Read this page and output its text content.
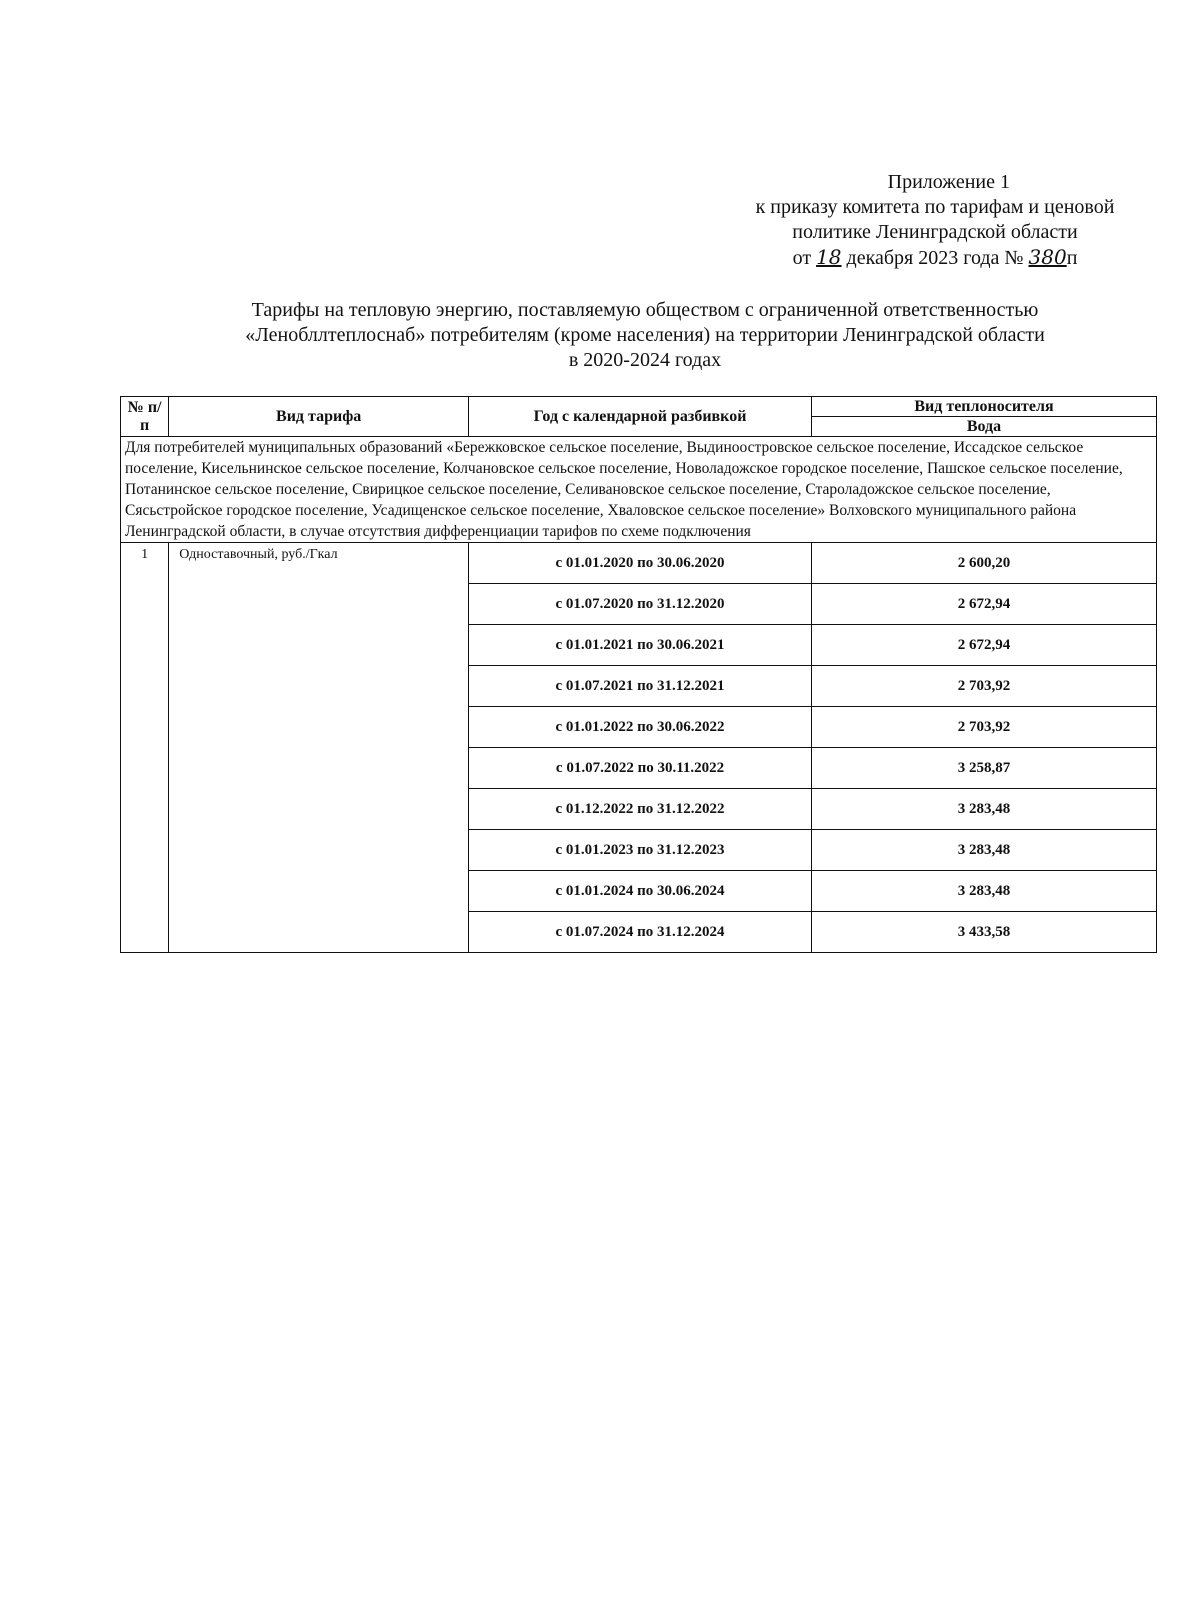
Приложение 1
к приказу комитета по тарифам и ценовой
политике Ленинградской области
от 18 декабря 2023 года № 380п
Тарифы на тепловую энергию, поставляемую обществом с ограниченной ответственностью
«Ленобллтеплоснаб» потребителям (кроме населения) на территории Ленинградской области
в 2020-2024 годах
№ п/п	Вид тарифа	Год с календарной разбивкой	Вид теплоносителя
			Вода
Для потребителей муниципальных образований «Бережковское сельское поселение, Выдиноостровское сельское поселение, Иссадское сельское поселение, Кисельнинское сельское поселение, Колчановское сельское поселение, Новоладожское городское поселение, Пашское сельское поселение, Потанинское сельское поселение, Свирицкое сельское поселение, Селивановское сельское поселение, Староладожское сельское поселение, Сясьстройское городское поселение, Усадищенское сельское поселение, Хваловское сельское поселение» Волховского муниципального района Ленинградской области, в случае отсутствия дифференциации тарифов по схеме подключения			
1	Одноставочный, руб./Гкал	с 01.01.2020 по 30.06.2020	2 600,20
		с 01.07.2020 по 31.12.2020	2 672,94
		с 01.01.2021 по 30.06.2021	2 672,94
		с 01.07.2021 по 31.12.2021	2 703,92
		с 01.01.2022 по 30.06.2022	2 703,92
		с 01.07.2022 по 30.11.2022	3 258,87
		с 01.12.2022 по 31.12.2022	3 283,48
		с 01.01.2023 по 31.12.2023	3 283,48
		с 01.01.2024 по 30.06.2024	3 283,48
		с 01.07.2024 по 31.12.2024	3 433,58
